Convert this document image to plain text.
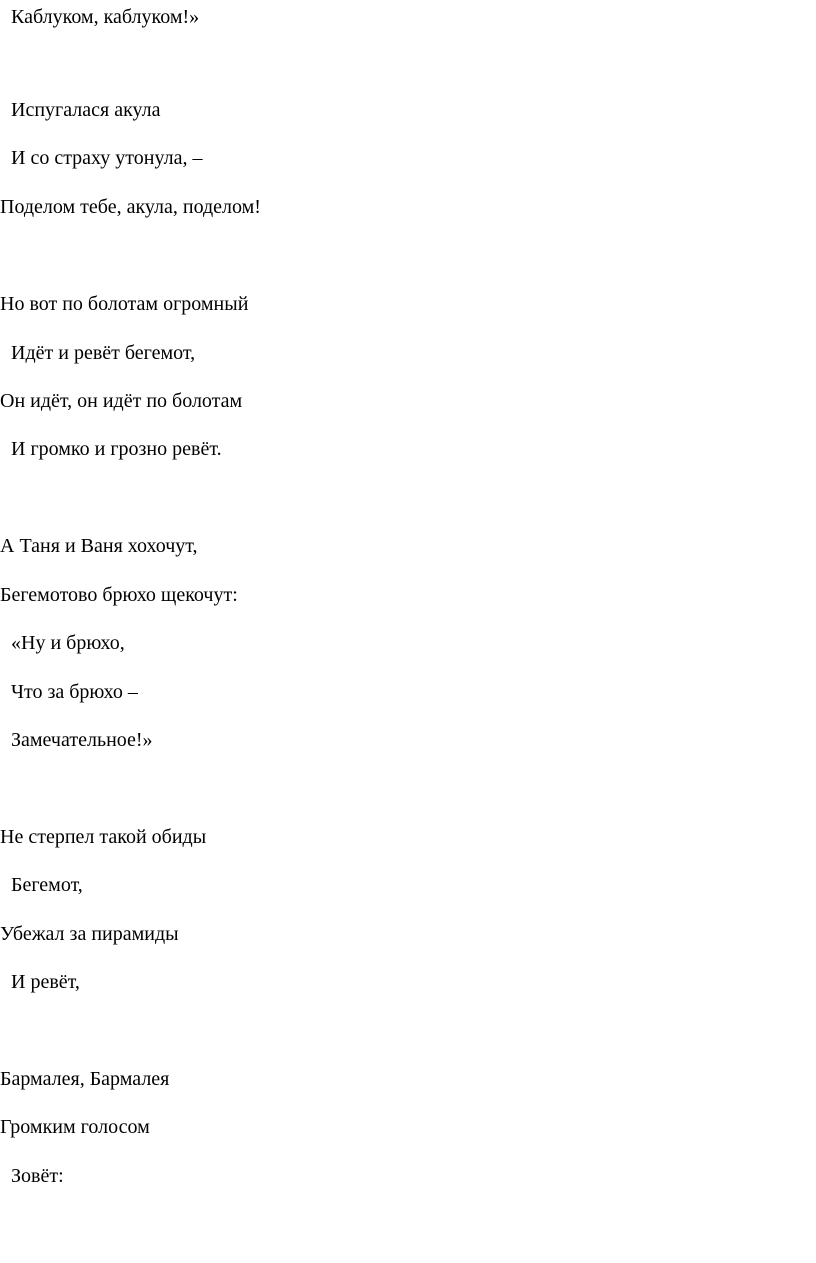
Каблуком, каблуком!»
Испугалася акула
И со страху утонула, –
Поделом тебе, акула, поделом!
Но вот по болотам огромный
Идёт и ревёт бегемот,
Он идёт, он идёт по болотам
И громко и грозно ревёт.
А Таня и Ваня хохочут,
Бегемотово брюхо щекочут:
«Ну и брюхо,
Что за брюхо –
Замечательное!»
Не стерпел такой обиды
Бегемот,
Убежал за пирамиды
И ревёт,
Бармалея, Бармалея
Громким голосом
Зовёт:
